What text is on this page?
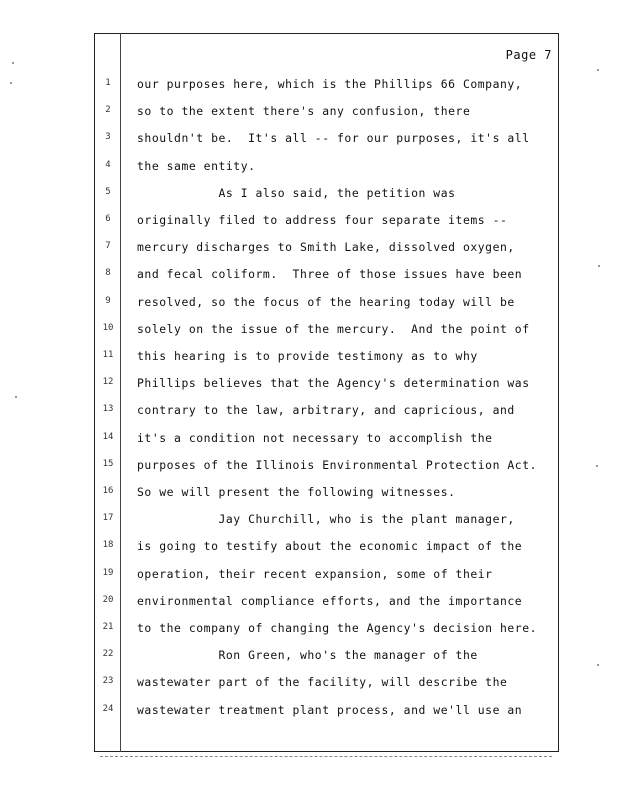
Page 7
1	our purposes here, which is the Phillips 66 Company,
2	so to the extent there's any confusion, there
3	shouldn't be.  It's all -- for our purposes, it's all
4	the same entity.
5	As I also said, the petition was
6	originally filed to address four separate items --
7	mercury discharges to Smith Lake, dissolved oxygen,
8	and fecal coliform.  Three of those issues have been
9	resolved, so the focus of the hearing today will be
10	solely on the issue of the mercury.  And the point of
11	this hearing is to provide testimony as to why
12	Phillips believes that the Agency's determination was
13	contrary to the law, arbitrary, and capricious, and
14	it's a condition not necessary to accomplish the
15	purposes of the Illinois Environmental Protection Act.
16	So we will present the following witnesses.
17	Jay Churchill, who is the plant manager,
18	is going to testify about the economic impact of the
19	operation, their recent expansion, some of their
20	environmental compliance efforts, and the importance
21	to the company of changing the Agency's decision here.
22	Ron Green, who's the manager of the
23	wastewater part of the facility, will describe the
24	wastewater treatment plant process, and we'll use an
